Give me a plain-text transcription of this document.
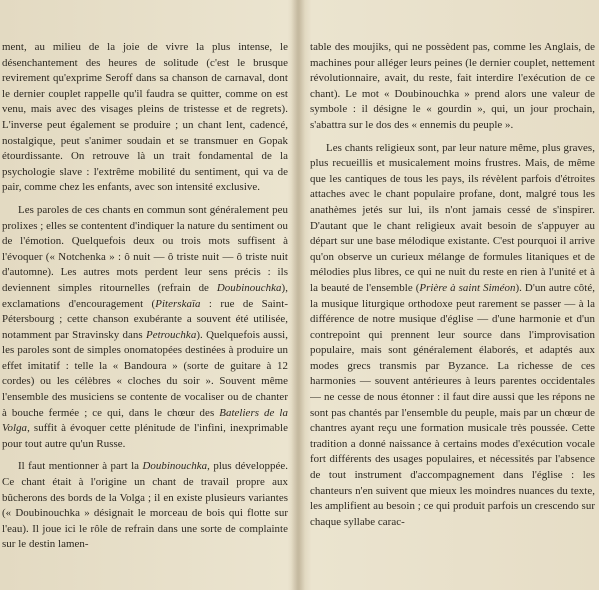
ment, au milieu de la joie de vivre la plus intense, le désenchantement des heures de solitude (c'est le brusque revirement qu'exprime Seroff dans sa chanson de carnaval, dont le dernier couplet rappelle qu'il faudra se quitter, comme on est venu, mais avec des visages pleins de tristesse et de regrets). L'inverse peut également se produire ; un chant lent, cadencé, nostalgique, peut s'animer soudain et se transmuer en Gopak étourdissante. On retrouve là un trait fondamental de la psychologie slave : l'extrême mobilité du sentiment, qui va de pair, comme chez les enfants, avec son intensité exclusive.

Les paroles de ces chants en commun sont généralement peu prolixes ; elles se contentent d'indiquer la nature du sentiment ou de l'émotion. Quelquefois deux ou trois mots suffisent à l'évoquer (« Notchenka » : ô nuit — ô triste nuit — ô triste nuit d'automne). Les autres mots perdent leur sens précis : ils deviennent simples ritournelles (refrain de Doubinouchka), exclamations d'encouragement (Piterskaïa : rue de Saint-Pétersbourg ; cette chanson exubérante a souvent été utilisée, notamment par Stravinsky dans Petrouchka). Quelquefois aussi, les paroles sont de simples onomatopées destinées à produire un effet imitatif : telle la « Bandoura » (sorte de guitare à 12 cordes) ou les célèbres « cloches du soir ». Souvent même l'ensemble des musiciens se contente de vocaliser ou de chanter à bouche fermée ; ce qui, dans le chœur des Bateliers de la Volga, suffit à évoquer cette plénitude de l'infini, inexprimable pour tout autre qu'un Russe.

Il faut mentionner à part la Doubinouchka, plus développée. Ce chant était à l'origine un chant de travail propre aux bûcherons des bords de la Volga ; il en existe plusieurs variantes (« Doubinouchka » désignait le morceau de bois qui flotte sur l'eau). Il joue ici le rôle de refrain dans une sorte de complainte sur le destin lamen-

table des moujiks, qui ne possèdent pas, comme les Anglais, de machines pour alléger leurs peines (le dernier couplet, nettement révolutionnaire, avait, du reste, fait interdire l'exécution de ce chant). Le mot « Doubinouchka » prend alors une valeur de symbole : il désigne le « gourdin », qui, un jour prochain, s'abattra sur le dos des « ennemis du peuple ».

Les chants religieux sont, par leur nature même, plus graves, plus recueillis et musicalement moins frustres. Mais, de même que les cantiques de tous les pays, ils révèlent parfois d'étroites attaches avec le chant populaire profane, dont, malgré tous les anathèmes jetés sur lui, ils n'ont jamais cessé de s'inspirer. D'autant que le chant religieux avait besoin de s'appuyer au départ sur une base mélodique existante. C'est pourquoi il arrive qu'on observe un curieux mélange de formules litaniques et de mélodies plus libres, ce qui ne nuit du reste en rien à l'unité et à la beauté de l'ensemble (Prière à saint Siméon). D'un autre côté, la musique liturgique orthodoxe peut rarement se passer — à la différence de notre musique d'église — d'une harmonie et d'un contrepoint qui prennent leur source dans l'improvisation populaire, mais sont généralement élaborés, et adaptés aux modes grecs transmis par Byzance. La richesse de ces harmonies — souvent antérieures à leurs parentes occidentales — ne cesse de nous étonner : il faut dire aussi que les répons ne sont pas chantés par l'ensemble du peuple, mais par un chœur de chantres ayant reçu une formation musicale très poussée. Cette tradition a donné naissance à certains modes d'exécution vocale fort différents des usages populaires, et nécessités par l'absence de tout instrument d'accompagnement dans l'église : les chanteurs n'en suivent que mieux les moindres nuances du texte, les amplifient au besoin ; ce qui produit parfois un crescendo sur chaque syllabe carac-
